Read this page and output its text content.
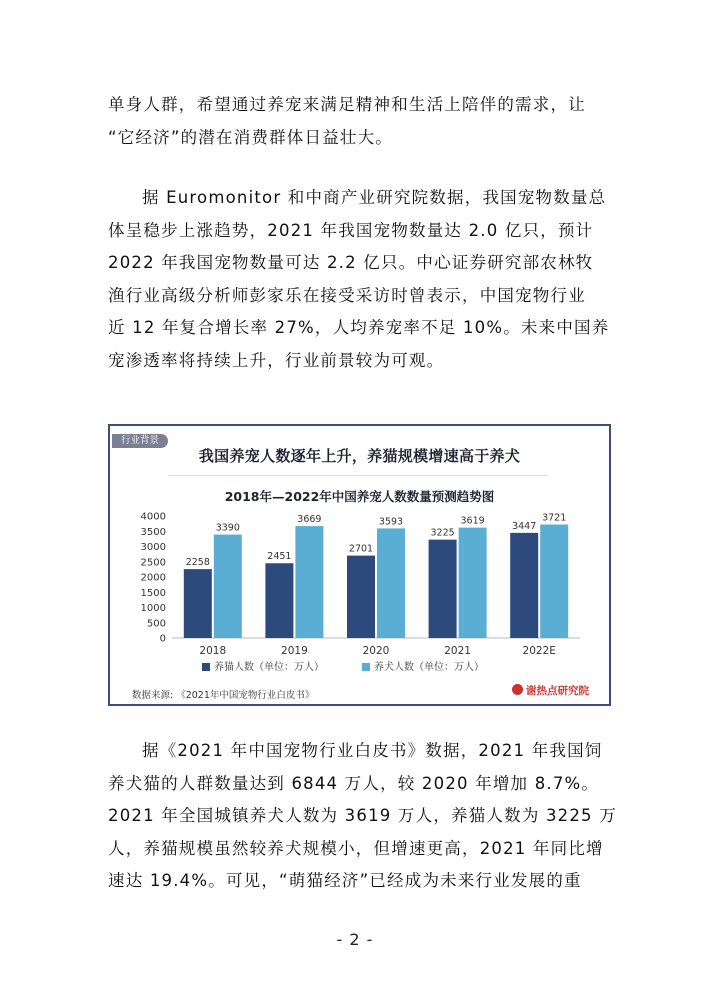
单身人群，希望通过养宠来满足精神和生活上陪伴的需求，让
“它经济”的潜在消费群体日益壮大。
据 Euromonitor 和中商产业研究院数据，我国宠物数量总
体呈稳步上涨趋势，2021 年我国宠物数量达 2.0 亿只，预计
2022 年我国宠物数量可达 2.2 亿只。中心证券研究部农林牧
渔行业高级分析师彭家乐在接受采访时曾表示，中国宠物行业
近 12 年复合增长率 27%，人均养宠率不足 10%。未来中国养
宠渗透率将持续上升，行业前景较为可观。
行业背景
我国养宠人数逐年上升，养猫规模增速高于养犬
2018年—2022年中国养宠人数数量预测趋势图
0
500
1000
1500
2000
2500
3000
3500
4000
2258
3390
2018
2451
3669
2019
2701
3593
2020
3225
3619
2021
3447
3721
2022E
养猫人数（单位：万人）	养犬人数（单位：万人）
数据来源: 《2021年中国宠物行业白皮书》	谢热点研究院
据《2021 年中国宠物行业白皮书》数据，2021 年我国饲
养犬猫的人群数量达到 6844 万人，较 2020 年增加 8.7%。
2021 年全国城镇养犬人数为 3619 万人，养猫人数为 3225 万
人，养猫规模虽然较养犬规模小，但增速更高，2021 年同比增
速达 19.4%。可见，“萌猫经济”已经成为未来行业发展的重
- 2 -
